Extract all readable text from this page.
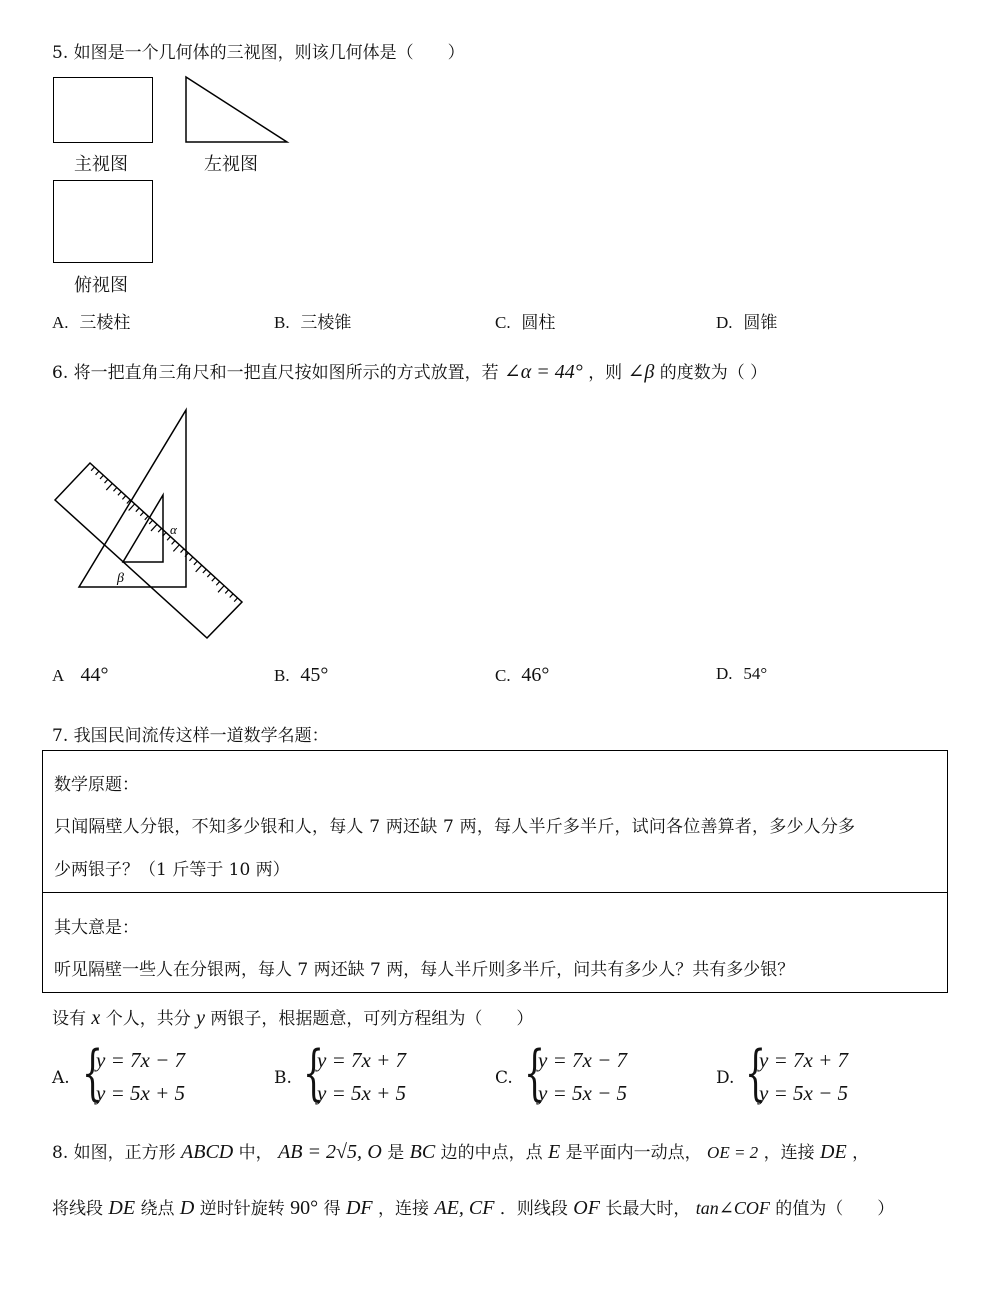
5. 如图是一个几何体的三视图，则该几何体是（　　）
主视图	左视图
俯视图
A. 三棱柱	B. 三棱锥	C. 圆柱	D. 圆锥
6. 将一把直角三角尺和一把直尺按如图所示的方式放置，若 ∠α = 44° ，则 ∠β 的度数为（ ）
α
β
A 44°	B. 45°	C. 46°	D. 54°
7. 我国民间流传这样一道数学名题：
数学原题：
只闻隔壁人分银，不知多少银和人，每人 7 两还缺 7 两，每人半斤多半斤，试问各位善算者，多少人分多
少两银子？（1 斤等于 10 两）
其大意是：
听见隔壁一些人在分银两，每人 7 两还缺 7 两，每人半斤则多半斤，问共有多少人？共有多少银？
设有 x 个人，共分 y 两银子，根据题意，可列方程组为（　　）
A. {
y = 7x − 7
y = 5x + 5
B. {
y = 7x + 7
y = 5x + 5
C. {
y = 7x − 7
y = 5x − 5
D. {
y = 7x + 7
y = 5x − 5
8. 如图，正方形 ABCD 中， AB = 2√5, O 是 BC 边的中点，点 E 是平面内一动点， OE = 2 ，连接 DE ，
将线段 DE 绕点 D 逆时针旋转 90° 得 DF ，连接 AE, CF ．则线段 OF 长最大时， tan∠COF 的值为（　　）
